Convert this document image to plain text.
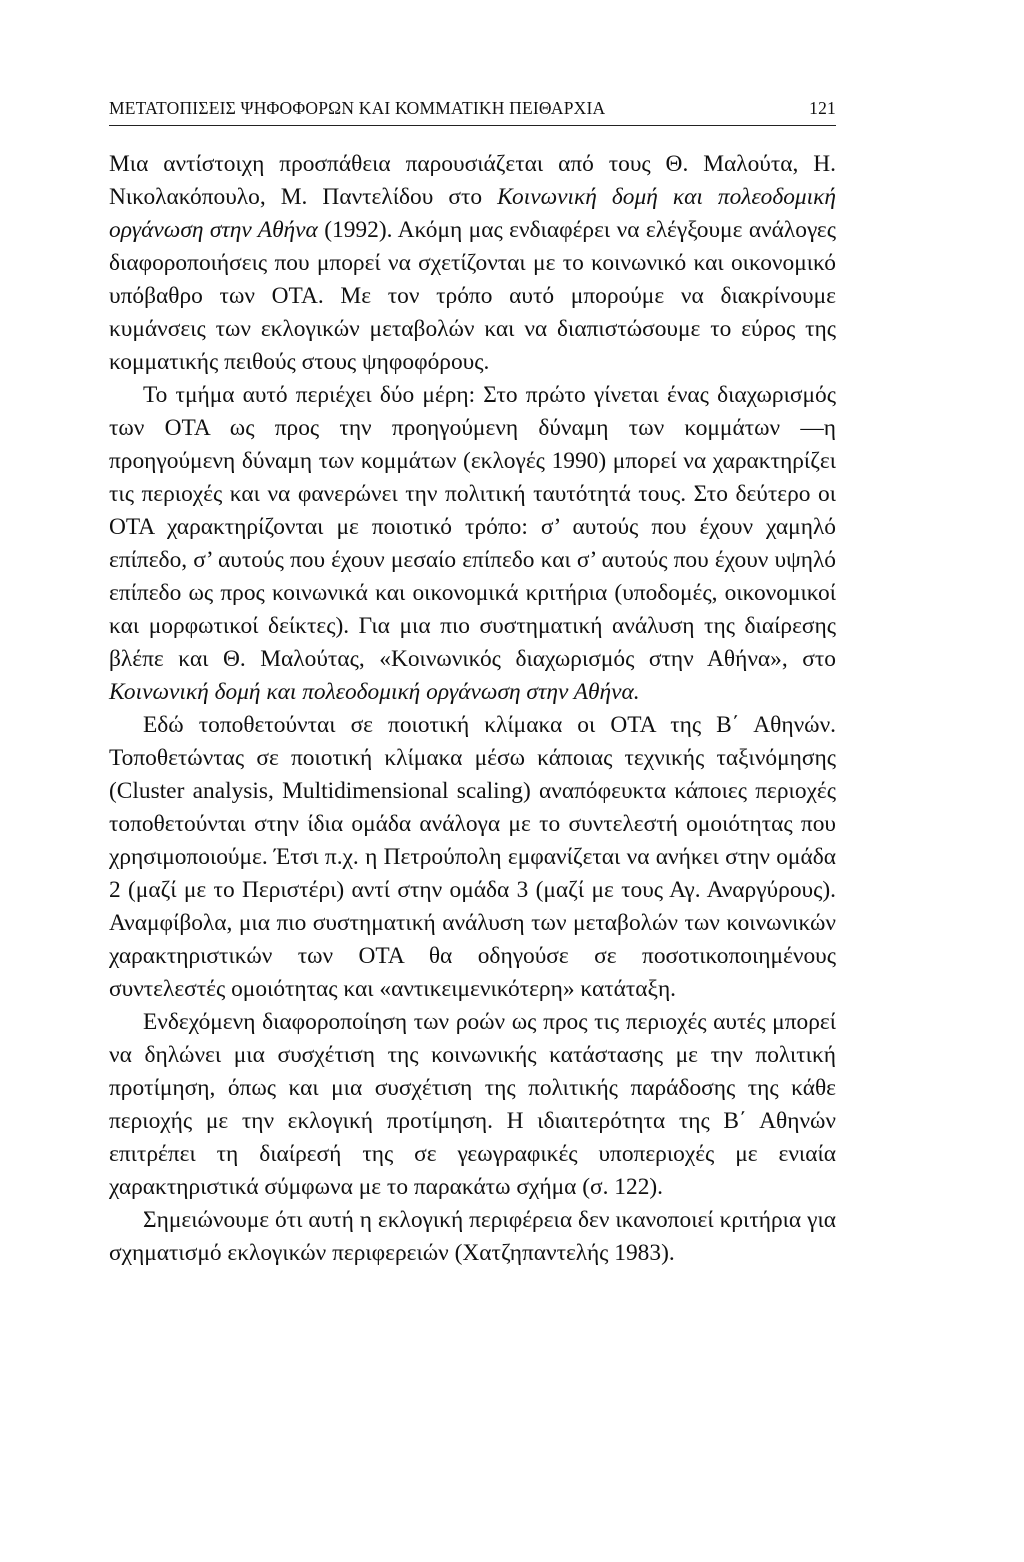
ΜΕΤΑΤΟΠΙΣΕΙΣ ΨΗΦΟΦΟΡΩΝ ΚΑΙ ΚΟΜΜΑΤΙΚΗ ΠΕΙΘΑΡΧΙΑ	121

Μια αντίστοιχη προσπάθεια παρουσιάζεται από τους Θ. Μαλούτα, Η. Νικολακόπουλο, Μ. Παντελίδου στο Κοινωνική δομή και πολεοδομική οργάνωση στην Αθήνα (1992). Ακόμη μας ενδιαφέρει να ελέγξουμε ανάλογες διαφοροποιήσεις που μπορεί να σχετίζονται με το κοινωνικό και οικονομικό υπόβαθρο των ΟΤΑ. Με τον τρόπο αυτό μπορούμε να διακρίνουμε κυμάνσεις των εκλογικών μεταβολών και να διαπιστώσουμε το εύρος της κομματικής πειθούς στους ψηφοφόρους.

Το τμήμα αυτό περιέχει δύο μέρη: Στο πρώτο γίνεται ένας διαχωρισμός των ΟΤΑ ως προς την προηγούμενη δύναμη των κομμάτων —η προηγούμενη δύναμη των κομμάτων (εκλογές 1990) μπορεί να χαρακτηρίζει τις περιοχές και να φανερώνει την πολιτική ταυτότητά τους. Στο δεύτερο οι ΟΤΑ χαρακτηρίζονται με ποιοτικό τρόπο: σ’ αυτούς που έχουν χαμηλό επίπεδο, σ’ αυτούς που έχουν μεσαίο επίπεδο και σ’ αυτούς που έχουν υψηλό επίπεδο ως προς κοινωνικά και οικονομικά κριτήρια (υποδομές, οικονομικοί και μορφωτικοί δείκτες). Για μια πιο συστηματική ανάλυση της διαίρεσης βλέπε και Θ. Μαλούτας, «Κοινωνικός διαχωρισμός στην Αθήνα», στο Κοινωνική δομή και πολεοδομική οργάνωση στην Αθήνα.

Εδώ τοποθετούνται σε ποιοτική κλίμακα οι ΟΤΑ της Β΄ Αθηνών. Τοποθετώντας σε ποιοτική κλίμακα μέσω κάποιας τεχνικής ταξινόμησης (Cluster analysis, Multidimensional scaling) αναπόφευκτα κάποιες περιοχές τοποθετούνται στην ίδια ομάδα ανάλογα με το συντελεστή ομοιότητας που χρησιμοποιούμε. Έτσι π.χ. η Πετρούπολη εμφανίζεται να ανήκει στην ομάδα 2 (μαζί με το Περιστέρι) αντί στην ομάδα 3 (μαζί με τους Αγ. Αναργύρους). Αναμφίβολα, μια πιο συστηματική ανάλυση των μεταβολών των κοινωνικών χαρακτηριστικών των ΟΤΑ θα οδηγούσε σε ποσοτικοποιημένους συντελεστές ομοιότητας και «αντικειμενικότερη» κατάταξη.

Ενδεχόμενη διαφοροποίηση των ροών ως προς τις περιοχές αυτές μπορεί να δηλώνει μια συσχέτιση της κοινωνικής κατάστασης με την πολιτική προτίμηση, όπως και μια συσχέτιση της πολιτικής παράδοσης της κάθε περιοχής με την εκλογική προτίμηση. Η ιδιαιτερότητα της Β΄ Αθηνών επιτρέπει τη διαίρεσή της σε γεωγραφικές υποπεριοχές με ενιαία χαρακτηριστικά σύμφωνα με το παρακάτω σχήμα (σ. 122).

Σημειώνουμε ότι αυτή η εκλογική περιφέρεια δεν ικανοποιεί κριτήρια για σχηματισμό εκλογικών περιφερειών (Χατζηπαντελής 1983).
